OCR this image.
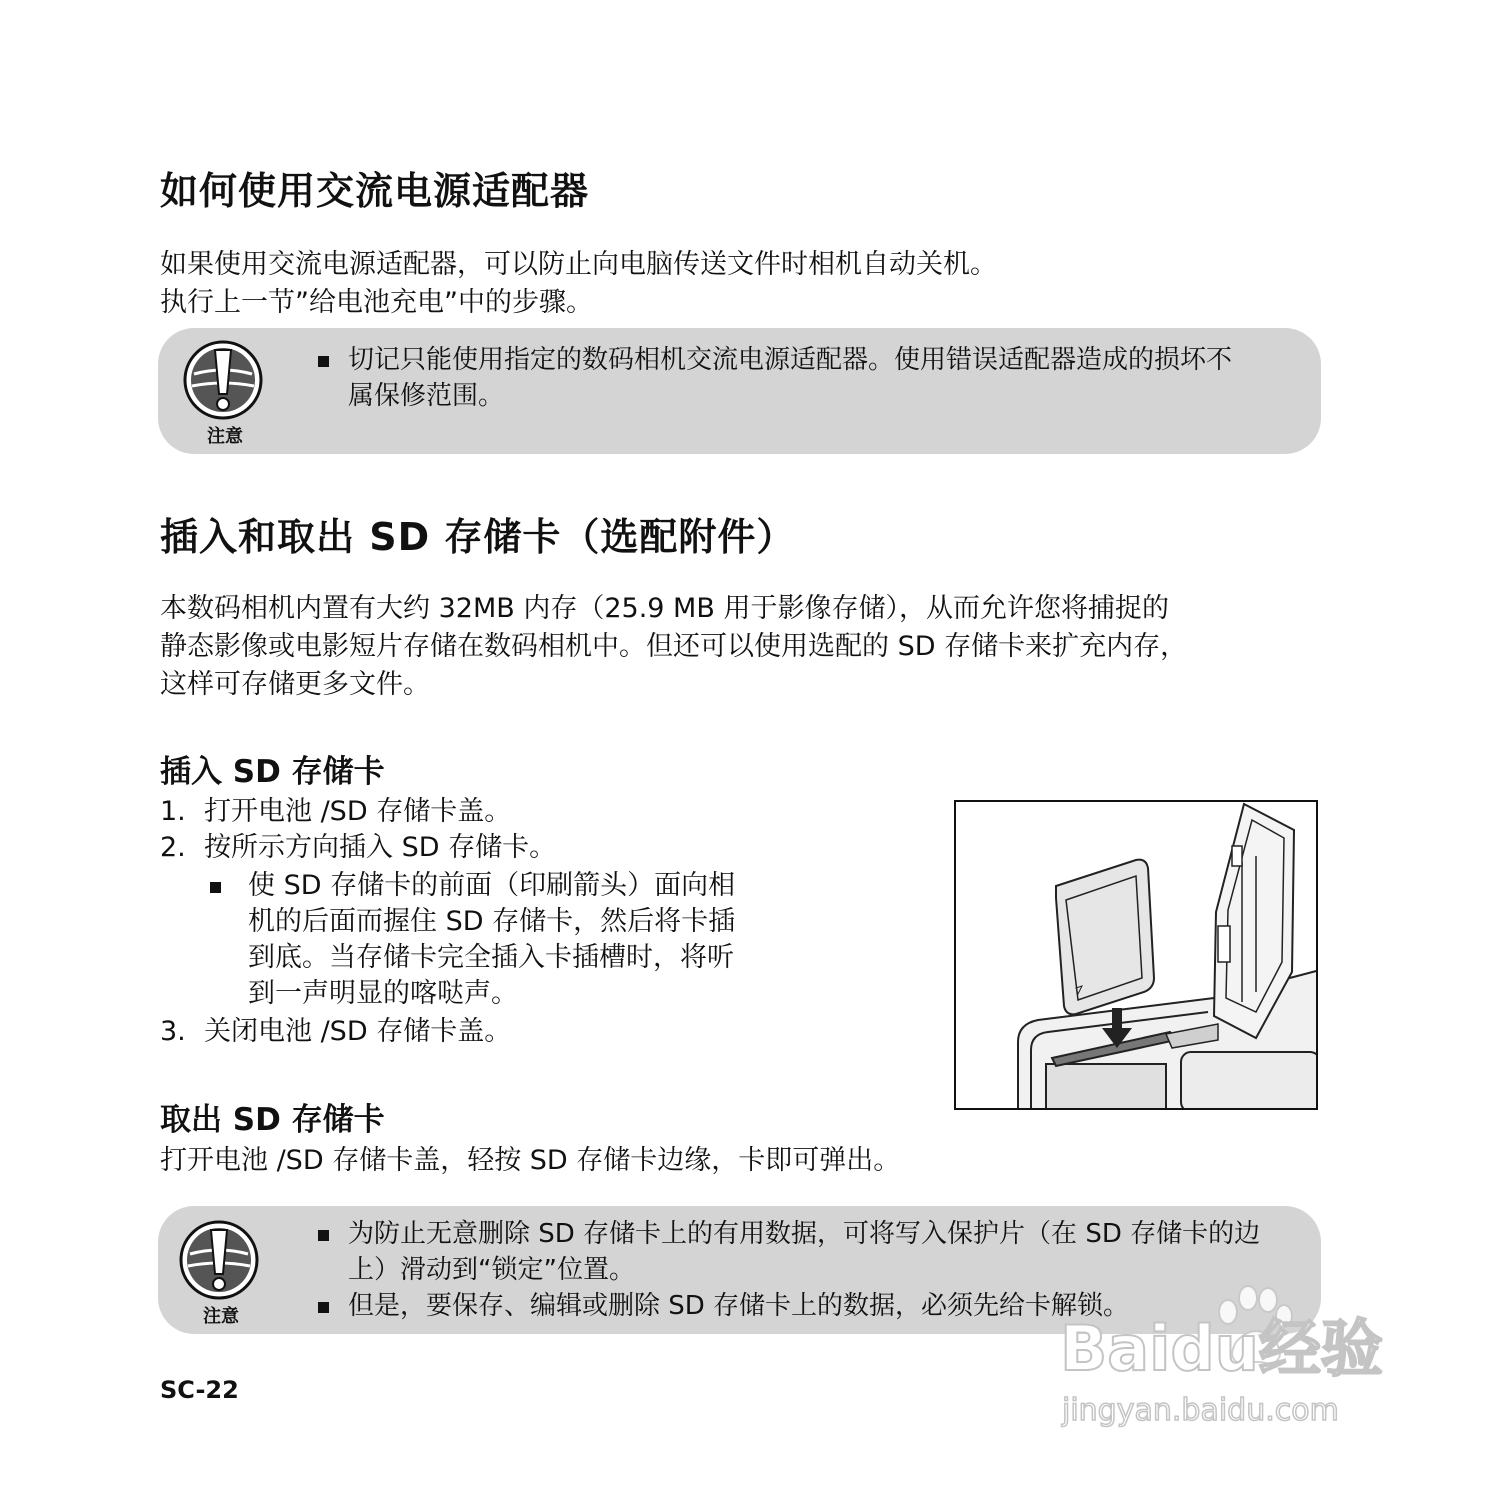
如何使用交流电源适配器
如果使用交流电源适配器，可以防止向电脑传送文件时相机自动关机。
执行上一节”给电池充电”中的步骤。
注意
切记只能使用指定的数码相机交流电源适配器。使用错误适配器造成的损坏不
属保修范围。
插入和取出 SD 存储卡（选配附件）
本数码相机内置有大约 32MB 内存（25.9 MB 用于影像存储），从而允许您将捕捉的
静态影像或电影短片存储在数码相机中。但还可以使用选配的 SD 存储卡来扩充内存，
这样可存储更多文件。
插入 SD 存储卡
1. 打开电池 /SD 存储卡盖。
2. 按所示方向插入 SD 存储卡。
使 SD 存储卡的前面（印刷箭头）面向相
机的后面而握住 SD 存储卡，然后将卡插
到底。当存储卡完全插入卡插槽时，将听
到一声明显的喀哒声。
3. 关闭电池 /SD 存储卡盖。
取出 SD 存储卡
打开电池 /SD 存储卡盖，轻按 SD 存储卡边缘，卡即可弹出。
注意
为防止无意删除 SD 存储卡上的有用数据，可将写入保护片（在 SD 存储卡的边
上）滑动到“锁定”位置。
但是，要保存、编辑或删除 SD 存储卡上的数据，必须先给卡解锁。
SC-22
Baidu经验
jingyan.baidu.com
